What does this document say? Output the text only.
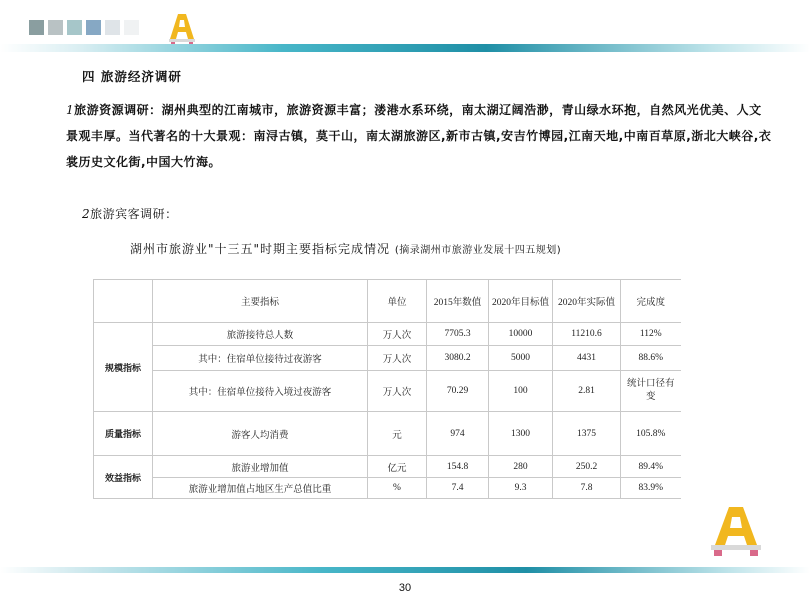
四 旅游经济调研
1旅游资源调研：湖州典型的江南城市，旅游资源丰富；溇港水系环绕，南太湖辽阔浩渺，青山绿水环抱，自然风光优美、人文景观丰厚。当代著名的十大景观：南浔古镇，莫干山，南太湖旅游区,新市古镇,安吉竹博园,江南天地,中南百草原,浙北大峡谷,衣裳历史文化街,中国大竹海。
2旅游宾客调研：
湖州市旅游业"十三五"时期主要指标完成情况 (摘录湖州市旅游业发展十四五规划)
	主要指标	单位	2015年数值	2020年目标值	2020年实际值	完成度
规模指标	旅游接待总人数	万人次	7705.3	10000	11210.6	112%
	其中：住宿单位接待过夜游客	万人次	3080.2	5000	4431	88.6%
	其中：住宿单位接待入境过夜游客	万人次	70.29	100	2.81	统计口径有变
质量指标	游客人均消费	元	974	1300	1375	105.8%
效益指标	旅游业增加值	亿元	154.8	280	250.2	89.4%
	旅游业增加值占地区生产总值比重	%	7.4	9.3	7.8	83.9%
30
